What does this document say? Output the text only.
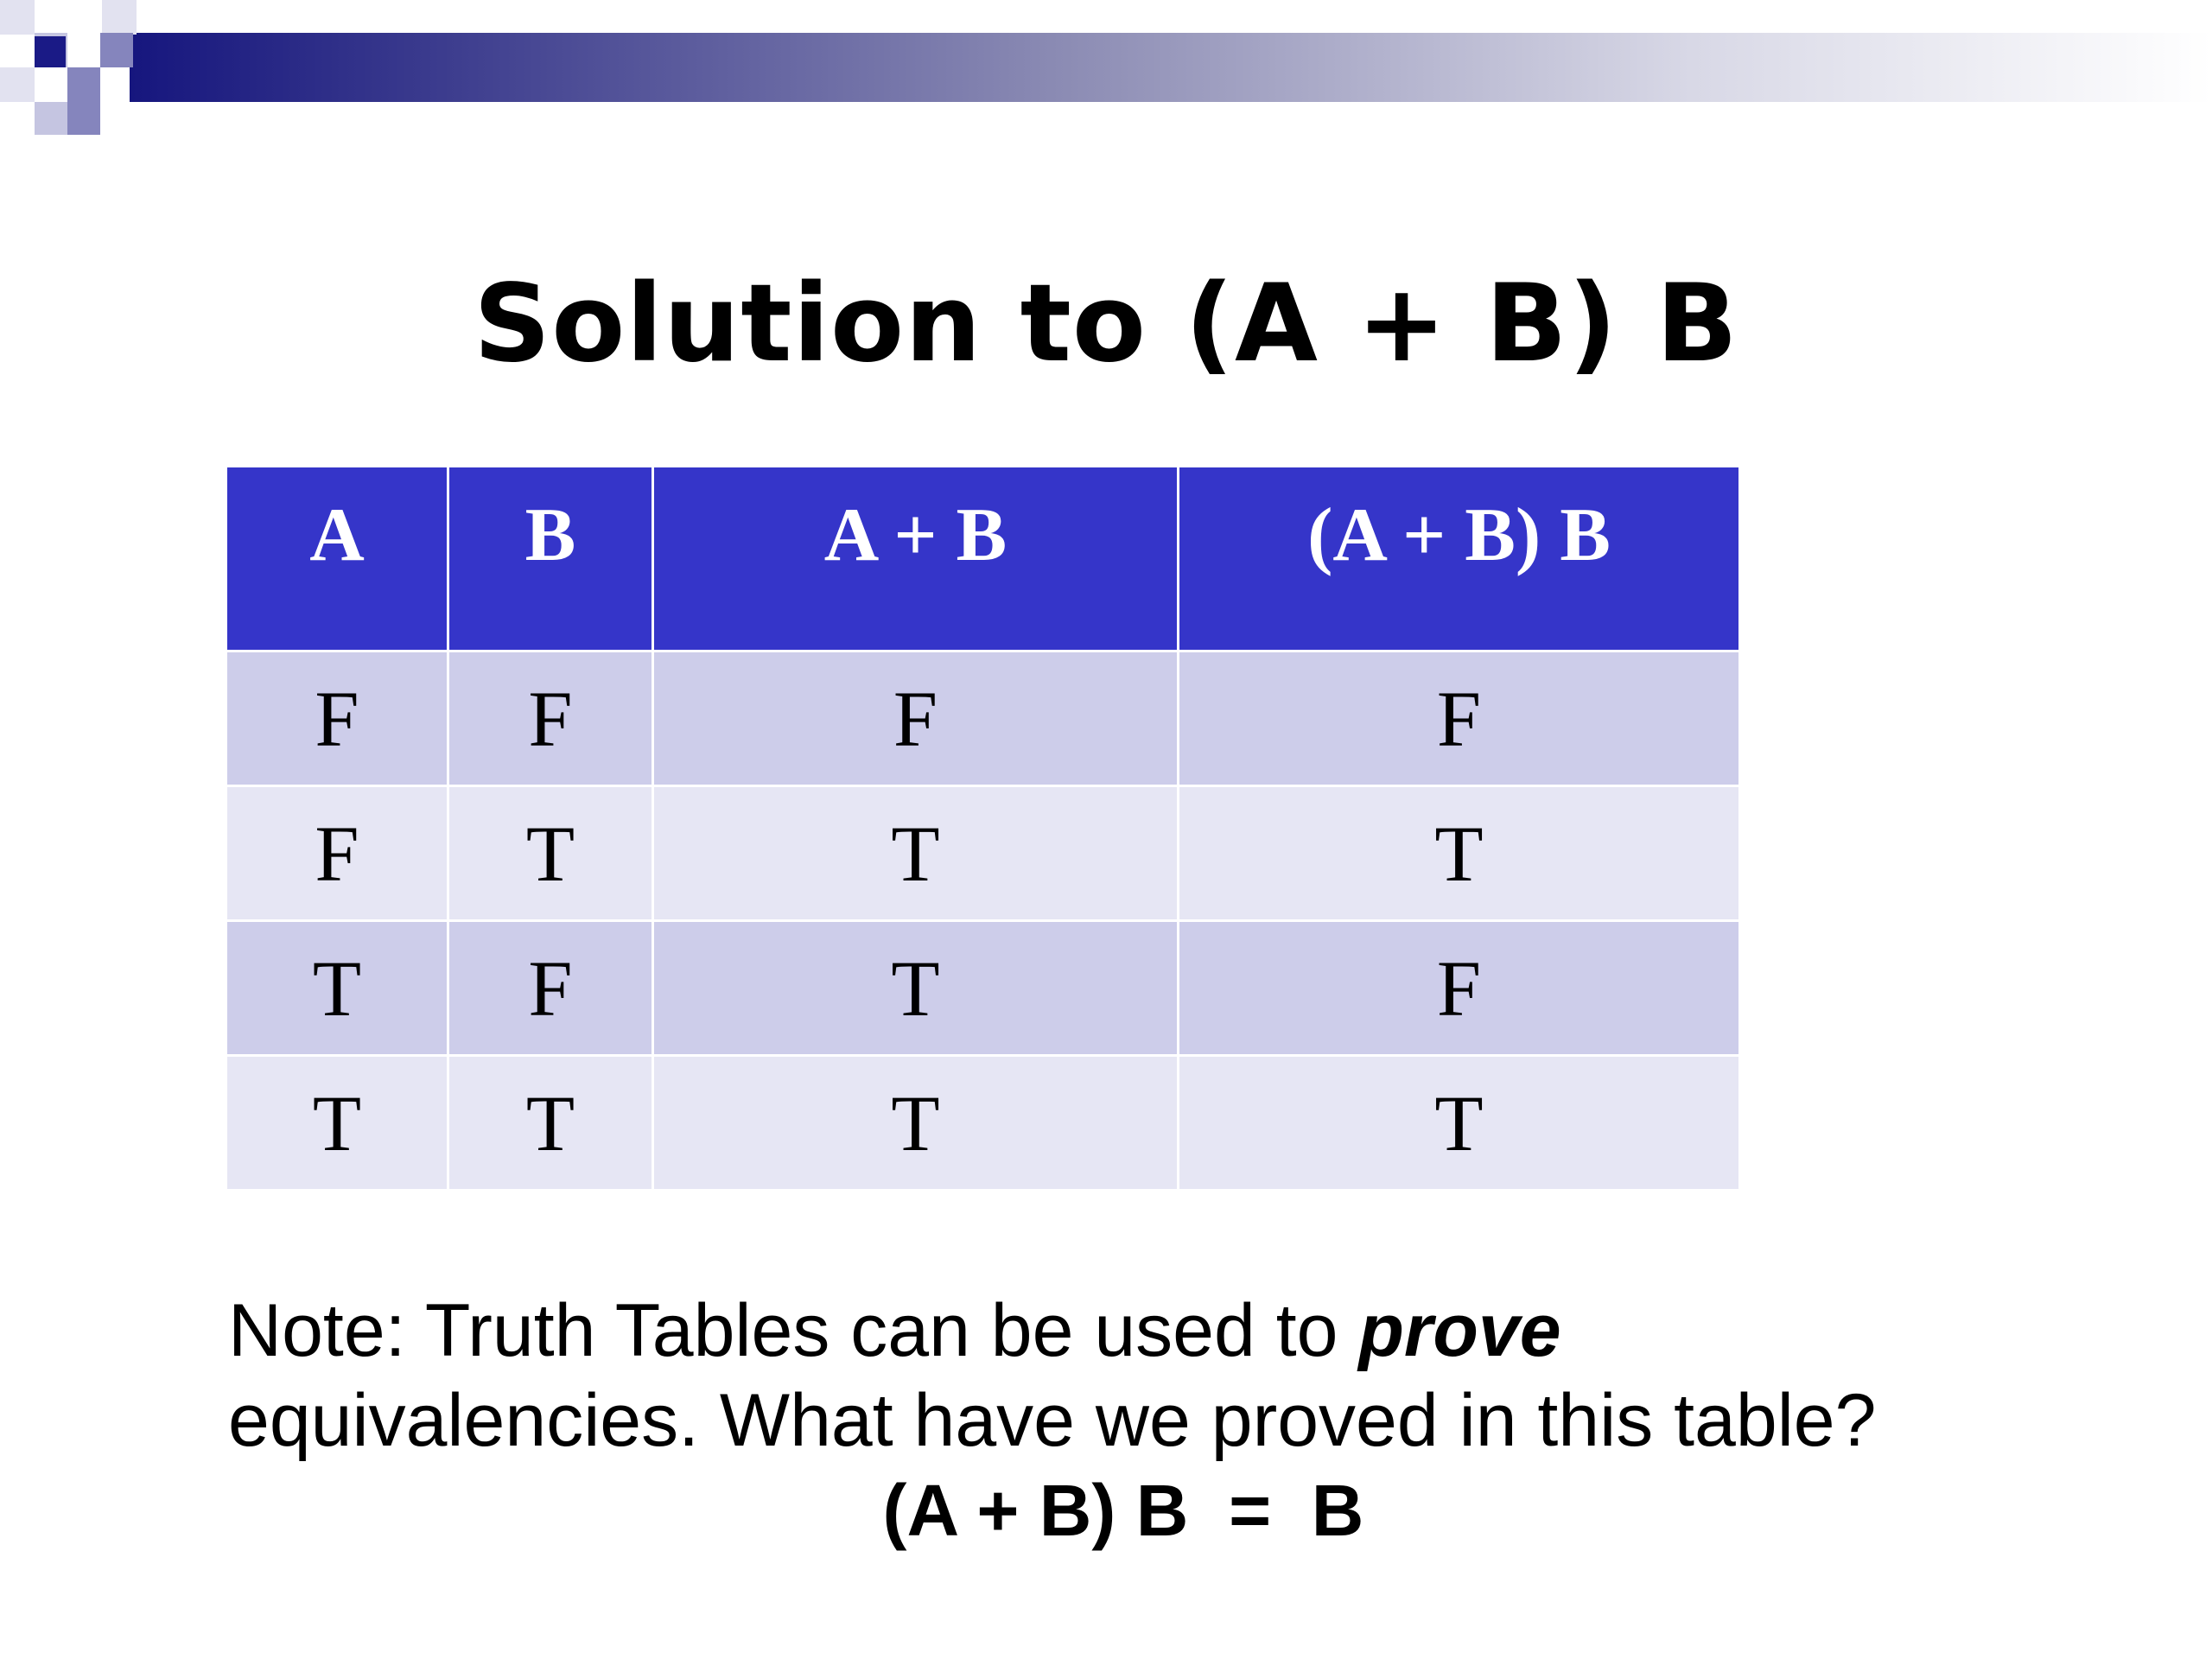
Solution to (A + B) B
A	B	A + B	(A + B) B
F	F	F	F
F	T	T	T
T	F	T	F
T	T	T	T
Note: Truth Tables can be used to prove
equivalencies. What have we proved in this table?
(A + B) B  =  B
